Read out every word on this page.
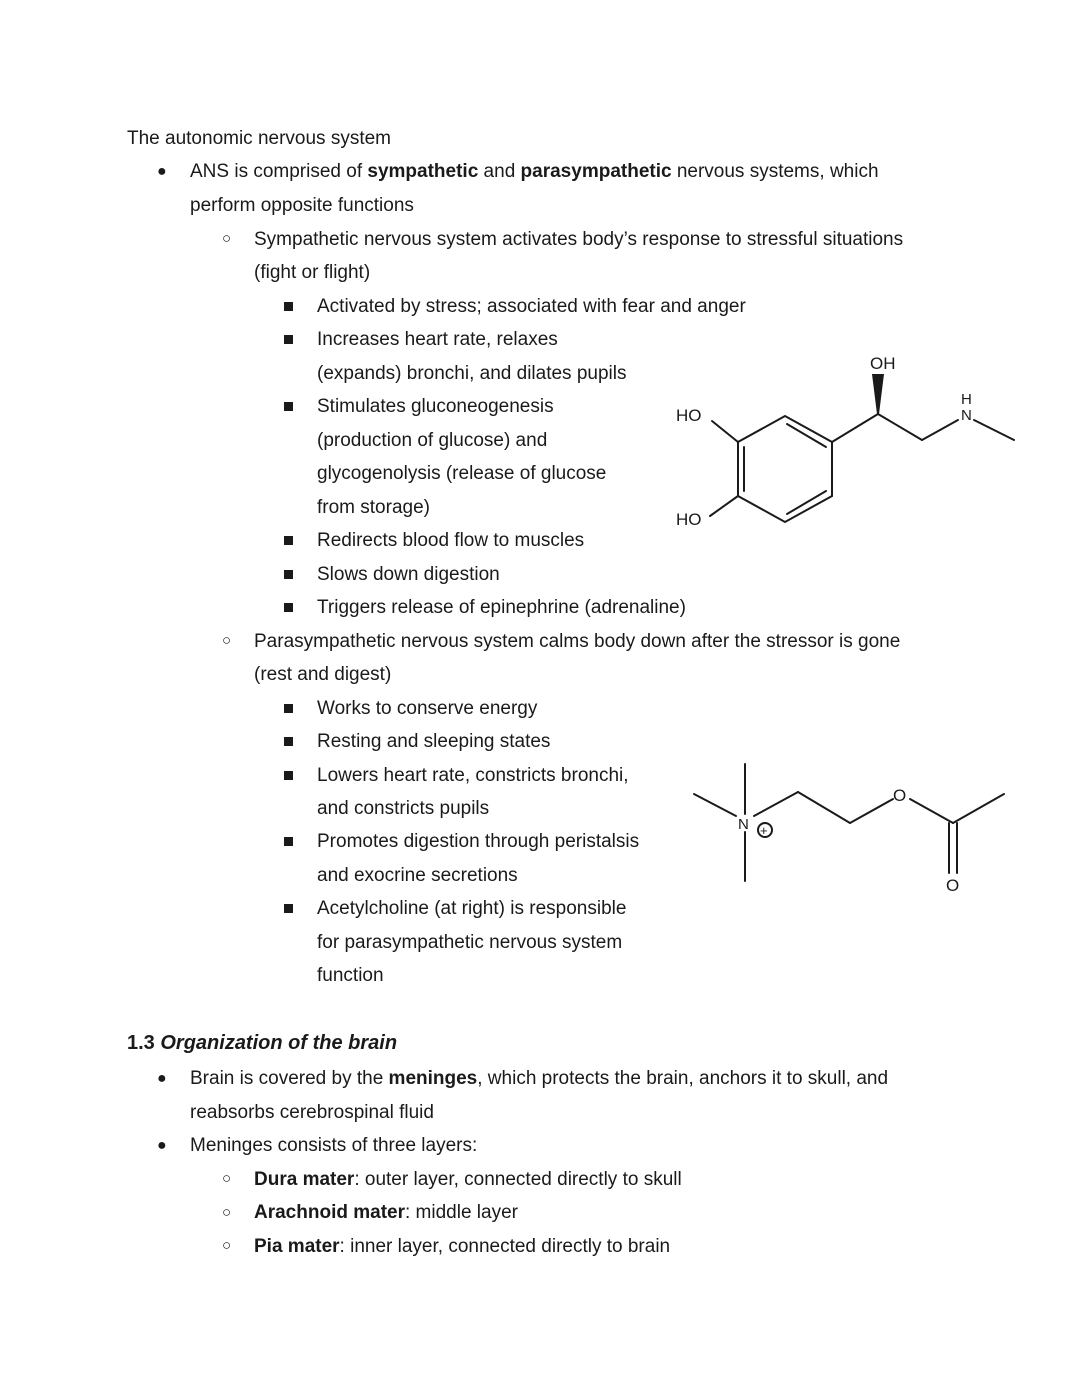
The autonomic nervous system
● ANS is comprised of sympathetic and parasympathetic nervous systems, which
perform opposite functions
○ Sympathetic nervous system activates body’s response to stressful situations
(fight or flight)
Activated by stress; associated with fear and anger
Increases heart rate, relaxes
(expands) bronchi, and dilates pupils
Stimulates gluconeogenesis
(production of glucose) and
glycogenolysis (release of glucose
from storage)
Redirects blood flow to muscles
Slows down digestion
Triggers release of epinephrine (adrenaline)
○ Parasympathetic nervous system calms body down after the stressor is gone
(rest and digest)
Works to conserve energy
Resting and sleeping states
Lowers heart rate, constricts bronchi,
and constricts pupils
Promotes digestion through peristalsis
and exocrine secretions
Acetylcholine (at right) is responsible
for parasympathetic nervous system
function
OH
HO
HO
H
N
N +
O
O
1.3 Organization of the brain
● Brain is covered by the meninges, which protects the brain, anchors it to skull, and
reabsorbs cerebrospinal fluid
● Meninges consists of three layers:
○ Dura mater: outer layer, connected directly to skull
○ Arachnoid mater: middle layer
○ Pia mater: inner layer, connected directly to brain
